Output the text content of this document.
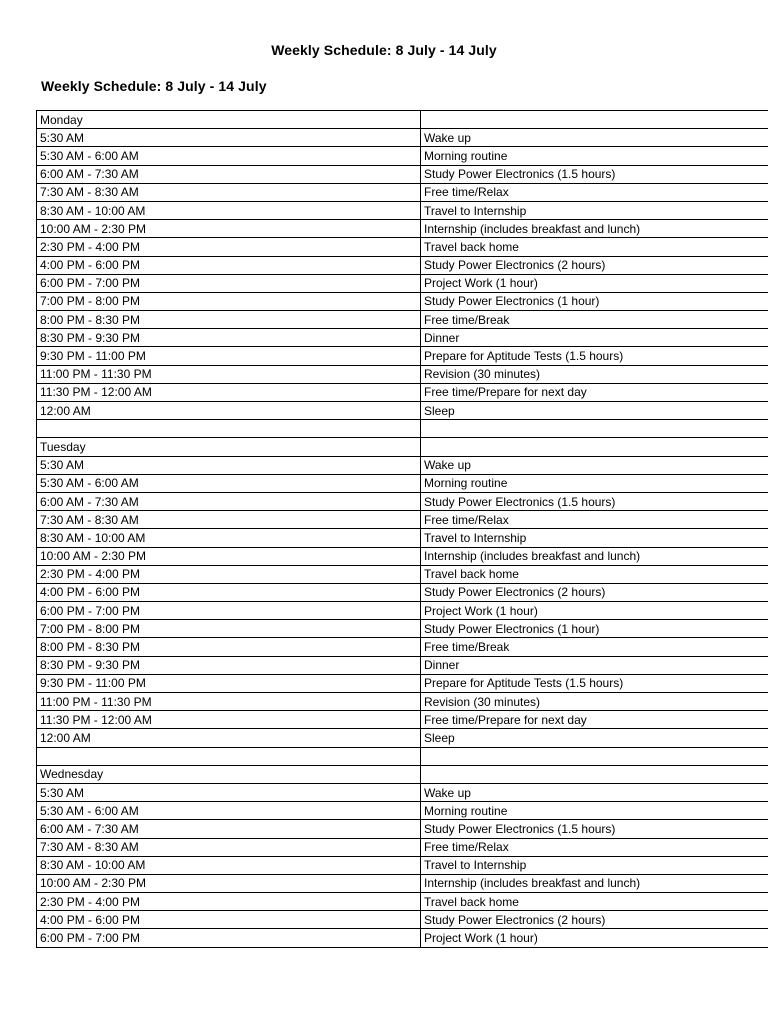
Weekly Schedule: 8 July - 14 July
Weekly Schedule: 8 July - 14 July
Monday	
5:30 AM	Wake up
5:30 AM - 6:00 AM	Morning routine
6:00 AM - 7:30 AM	Study Power Electronics (1.5 hours)
7:30 AM - 8:30 AM	Free time/Relax
8:30 AM - 10:00 AM	Travel to Internship
10:00 AM - 2:30 PM	Internship (includes breakfast and lunch)
2:30 PM - 4:00 PM	Travel back home
4:00 PM - 6:00 PM	Study Power Electronics (2 hours)
6:00 PM - 7:00 PM	Project Work (1 hour)
7:00 PM - 8:00 PM	Study Power Electronics (1 hour)
8:00 PM - 8:30 PM	Free time/Break
8:30 PM - 9:30 PM	Dinner
9:30 PM - 11:00 PM	Prepare for Aptitude Tests (1.5 hours)
11:00 PM - 11:30 PM	Revision (30 minutes)
11:30 PM - 12:00 AM	Free time/Prepare for next day
12:00 AM	Sleep

Tuesday	
5:30 AM	Wake up
5:30 AM - 6:00 AM	Morning routine
6:00 AM - 7:30 AM	Study Power Electronics (1.5 hours)
7:30 AM - 8:30 AM	Free time/Relax
8:30 AM - 10:00 AM	Travel to Internship
10:00 AM - 2:30 PM	Internship (includes breakfast and lunch)
2:30 PM - 4:00 PM	Travel back home
4:00 PM - 6:00 PM	Study Power Electronics (2 hours)
6:00 PM - 7:00 PM	Project Work (1 hour)
7:00 PM - 8:00 PM	Study Power Electronics (1 hour)
8:00 PM - 8:30 PM	Free time/Break
8:30 PM - 9:30 PM	Dinner
9:30 PM - 11:00 PM	Prepare for Aptitude Tests (1.5 hours)
11:00 PM - 11:30 PM	Revision (30 minutes)
11:30 PM - 12:00 AM	Free time/Prepare for next day
12:00 AM	Sleep

Wednesday	
5:30 AM	Wake up
5:30 AM - 6:00 AM	Morning routine
6:00 AM - 7:30 AM	Study Power Electronics (1.5 hours)
7:30 AM - 8:30 AM	Free time/Relax
8:30 AM - 10:00 AM	Travel to Internship
10:00 AM - 2:30 PM	Internship (includes breakfast and lunch)
2:30 PM - 4:00 PM	Travel back home
4:00 PM - 6:00 PM	Study Power Electronics (2 hours)
6:00 PM - 7:00 PM	Project Work (1 hour)
